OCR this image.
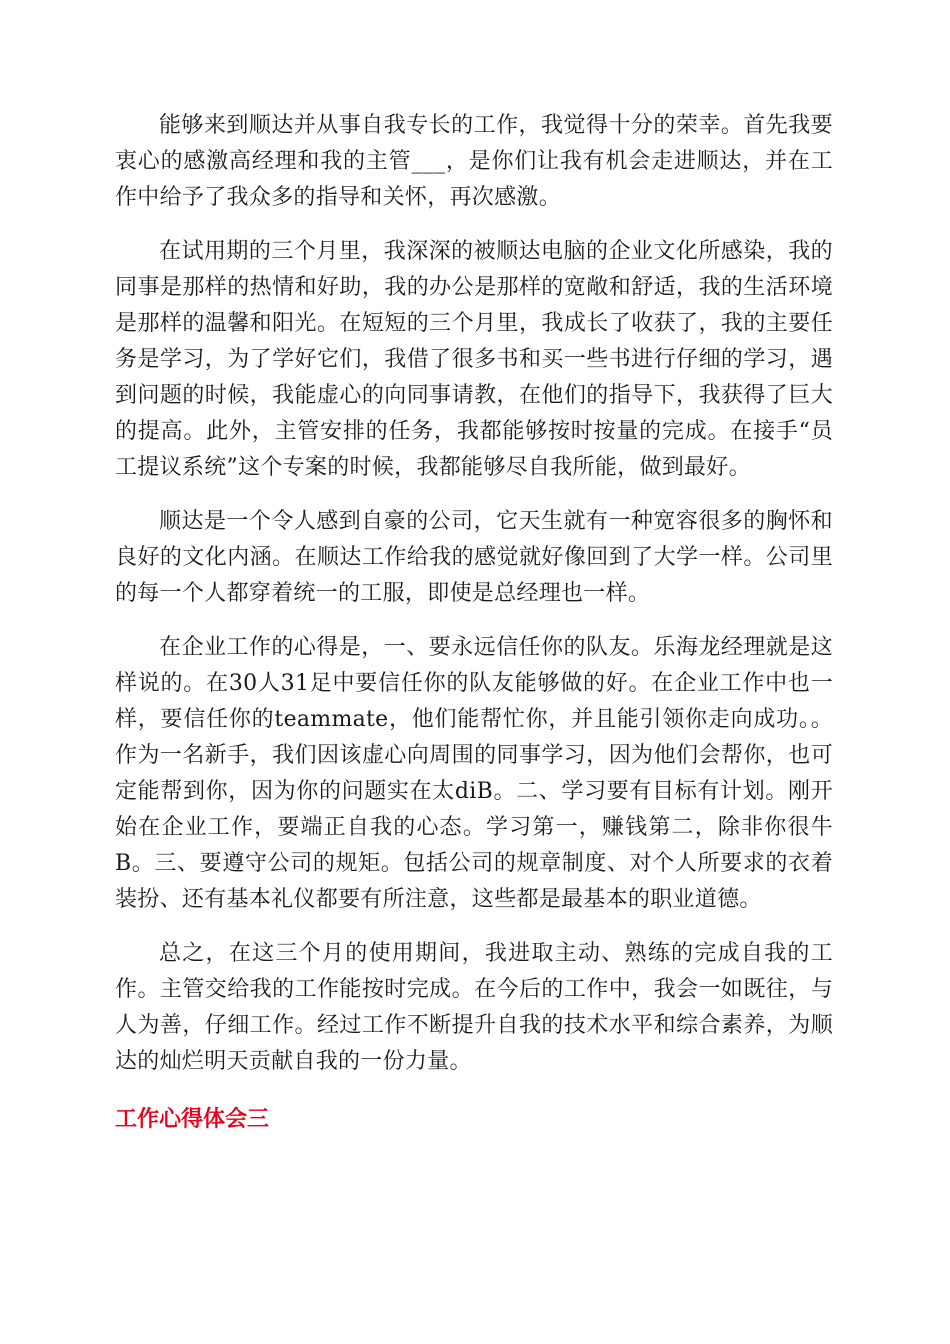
能够来到顺达并从事自我专长的工作，我觉得十分的荣幸。首先我要衷心的感激高经理和我的主管___，是你们让我有机会走进顺达，并在工作中给予了我众多的指导和关怀，再次感激。

在试用期的三个月里，我深深的被顺达电脑的企业文化所感染，我的同事是那样的热情和好助，我的办公是那样的宽敞和舒适，我的生活环境是那样的温馨和阳光。在短短的三个月里，我成长了收获了，我的主要任务是学习，为了学好它们，我借了很多书和买一些书进行仔细的学习，遇到问题的时候，我能虚心的向同事请教，在他们的指导下，我获得了巨大的提高。此外，主管安排的任务，我都能够按时按量的完成。在接手“员工提议系统”这个专案的时候，我都能够尽自我所能，做到最好。

顺达是一个令人感到自豪的公司，它天生就有一种宽容很多的胸怀和良好的文化内涵。在顺达工作给我的感觉就好像回到了大学一样。公司里的每一个人都穿着统一的工服，即使是总经理也一样。

在企业工作的心得是，一、要永远信任你的队友。乐海龙经理就是这样说的。在30人31足中要信任你的队友能够做的好。在企业工作中也一样，要信任你的teammate，他们能帮忙你，并且能引领你走向成功。。作为一名新手，我们因该虚心向周围的同事学习，因为他们会帮你，也可定能帮到你，因为你的问题实在太diB。二、学习要有目标有计划。刚开始在企业工作，要端正自我的心态。学习第一，赚钱第二，除非你很牛B。三、要遵守公司的规矩。包括公司的规章制度、对个人所要求的衣着装扮、还有基本礼仪都要有所注意，这些都是最基本的职业道德。

总之，在这三个月的使用期间，我进取主动、熟练的完成自我的工作。主管交给我的工作能按时完成。在今后的工作中，我会一如既往，与人为善，仔细工作。经过工作不断提升自我的技术水平和综合素养，为顺达的灿烂明天贡献自我的一份力量。

工作心得体会三
